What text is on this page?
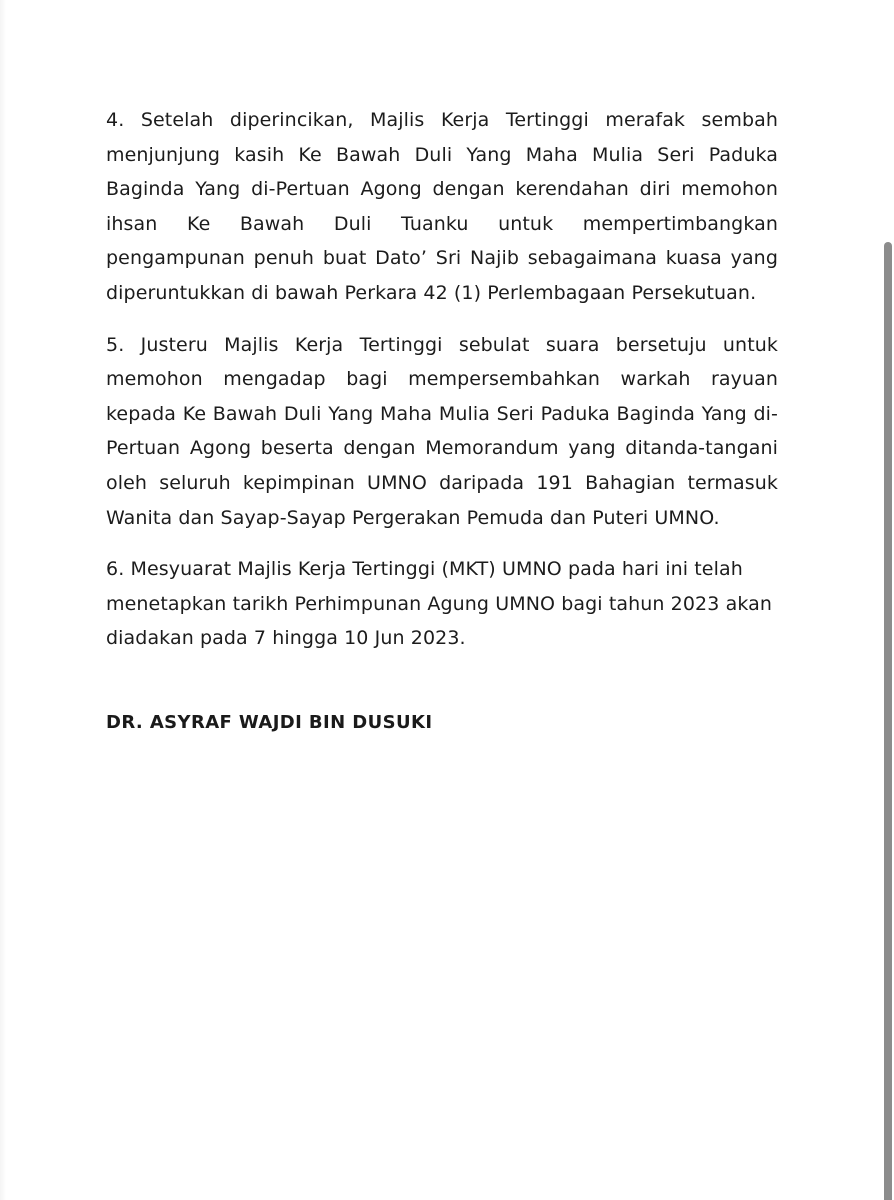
4. Setelah diperincikan, Majlis Kerja Tertinggi merafak sembah menjunjung kasih Ke Bawah Duli Yang Maha Mulia Seri Paduka Baginda Yang di-Pertuan Agong dengan kerendahan diri memohon ihsan Ke Bawah Duli Tuanku untuk mempertimbangkan pengampunan penuh buat Dato’ Sri Najib sebagaimana kuasa yang diperuntukkan di bawah Perkara 42 (1) Perlembagaan Persekutuan.

5. Justeru Majlis Kerja Tertinggi sebulat suara bersetuju untuk memohon mengadap bagi mempersembahkan warkah rayuan kepada Ke Bawah Duli Yang Maha Mulia Seri Paduka Baginda Yang di-Pertuan Agong beserta dengan Memorandum yang ditanda-tangani oleh seluruh kepimpinan UMNO daripada 191 Bahagian termasuk Wanita dan Sayap-Sayap Pergerakan Pemuda dan Puteri UMNO.

6. Mesyuarat Majlis Kerja Tertinggi (MKT) UMNO pada hari ini telah menetapkan tarikh Perhimpunan Agung UMNO bagi tahun 2023 akan diadakan pada 7 hingga 10 Jun 2023.

DR. ASYRAF WAJDI BIN DUSUKI
